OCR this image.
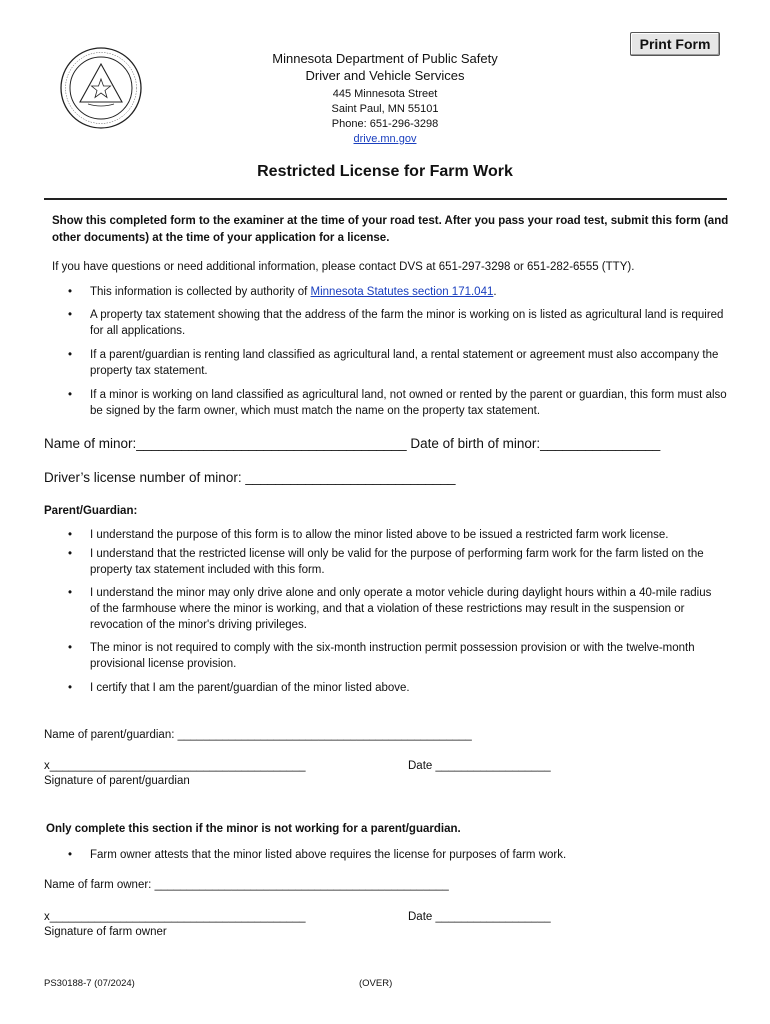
Print Form
Minnesota Department of Public Safety
Driver and Vehicle Services
445 Minnesota Street
Saint Paul, MN 55101
Phone: 651-296-3298
drive.mn.gov
Restricted License for Farm Work
Show this completed form to the examiner at the time of your road test. After you pass your road test, submit this form (and other documents) at the time of your application for a license.
If you have questions or need additional information, please contact DVS at 651-297-3298 or 651-282-6555 (TTY).
• This information is collected by authority of Minnesota Statutes section 171.041.
• A property tax statement showing that the address of the farm the minor is working on is listed as agricultural land is required for all applications.
• If a parent/guardian is renting land classified as agricultural land, a rental statement or agreement must also accompany the property tax statement.
• If a minor is working on land classified as agricultural land, not owned or rented by the parent or guardian, this form must also be signed by the farm owner, which must match the name on the property tax statement.
Name of minor:____________________________________ Date of birth of minor:________________
Driver’s license number of minor: ____________________________
Parent/Guardian:
• I understand the purpose of this form is to allow the minor listed above to be issued a restricted farm work license.
• I understand that the restricted license will only be valid for the purpose of performing farm work for the farm listed on the property tax statement included with this form.
• I understand the minor may only drive alone and only operate a motor vehicle during daylight hours within a 40-mile radius of the farmhouse where the minor is working, and that a violation of these restrictions may result in the suspension or revocation of the minor's driving privileges.
• The minor is not required to comply with the six-month instruction permit possession provision or with the twelve-month provisional license provision.
• I certify that I am the parent/guardian of the minor listed above.
Name of parent/guardian: ______________________________________________
x________________________________________
Signature of parent/guardian
Date __________________
Only complete this section if the minor is not working for a parent/guardian.
• Farm owner attests that the minor listed above requires the license for purposes of farm work.
Name of farm owner: ______________________________________________
x________________________________________
Signature of farm owner
Date __________________
PS30188-7 (07/2024)	(OVER)
